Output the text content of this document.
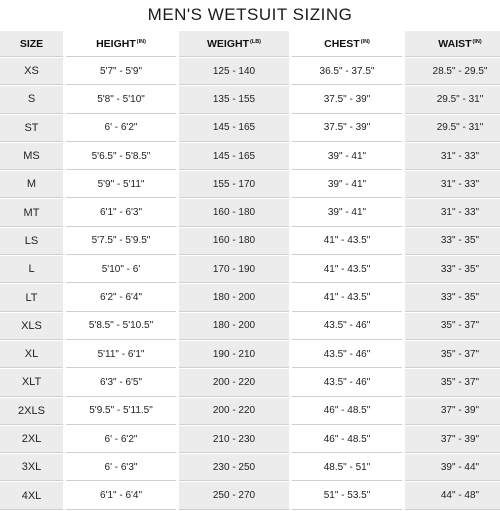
MEN'S WETSUIT SIZING
SIZE	$HEIGHT^{(IN)}$	$WEIGHT^{(LB)}$	$CHEST^{(IN)}$	$WAIST^{(IN)}$
XS	5'7" - 5'9"	125 - 140	36.5" - 37.5"	28.5" - 29.5"
S	5'8" - 5'10"	135 - 155	37.5" - 39"	29.5" - 31"
ST	6' - 6'2"	145 - 165	37.5" - 39"	29.5" - 31"
MS	5'6.5" - 5'8.5"	145 - 165	39" - 41"	31" - 33"
M	5'9" - 5'11"	155 - 170	39" - 41"	31" - 33"
MT	6'1" - 6'3"	160 - 180	39" - 41"	31" - 33"
LS	5'7.5" - 5'9.5"	160 - 180	41" - 43.5"	33" - 35"
L	5'10" - 6'	170 - 190	41" - 43.5"	33" - 35"
LT	6'2" - 6'4"	180 - 200	41" - 43.5"	33" - 35"
XLS	5'8.5" - 5'10.5"	180 - 200	43.5" - 46"	35" - 37"
XL	5'11" - 6'1"	190 - 210	43.5" - 46"	35" - 37"
XLT	6'3" - 6'5"	200 - 220	43.5" - 46"	35" - 37"
2XLS	5'9.5" - 5'11.5"	200 - 220	46" - 48.5"	37" - 39"
2XL	6' - 6'2"	210 - 230	46" - 48.5"	37" - 39"
3XL	6' - 6'3"	230 - 250	48.5" - 51"	39" - 44"
4XL	6'1" - 6'4"	250 - 270	51" - 53.5"	44" - 48"
